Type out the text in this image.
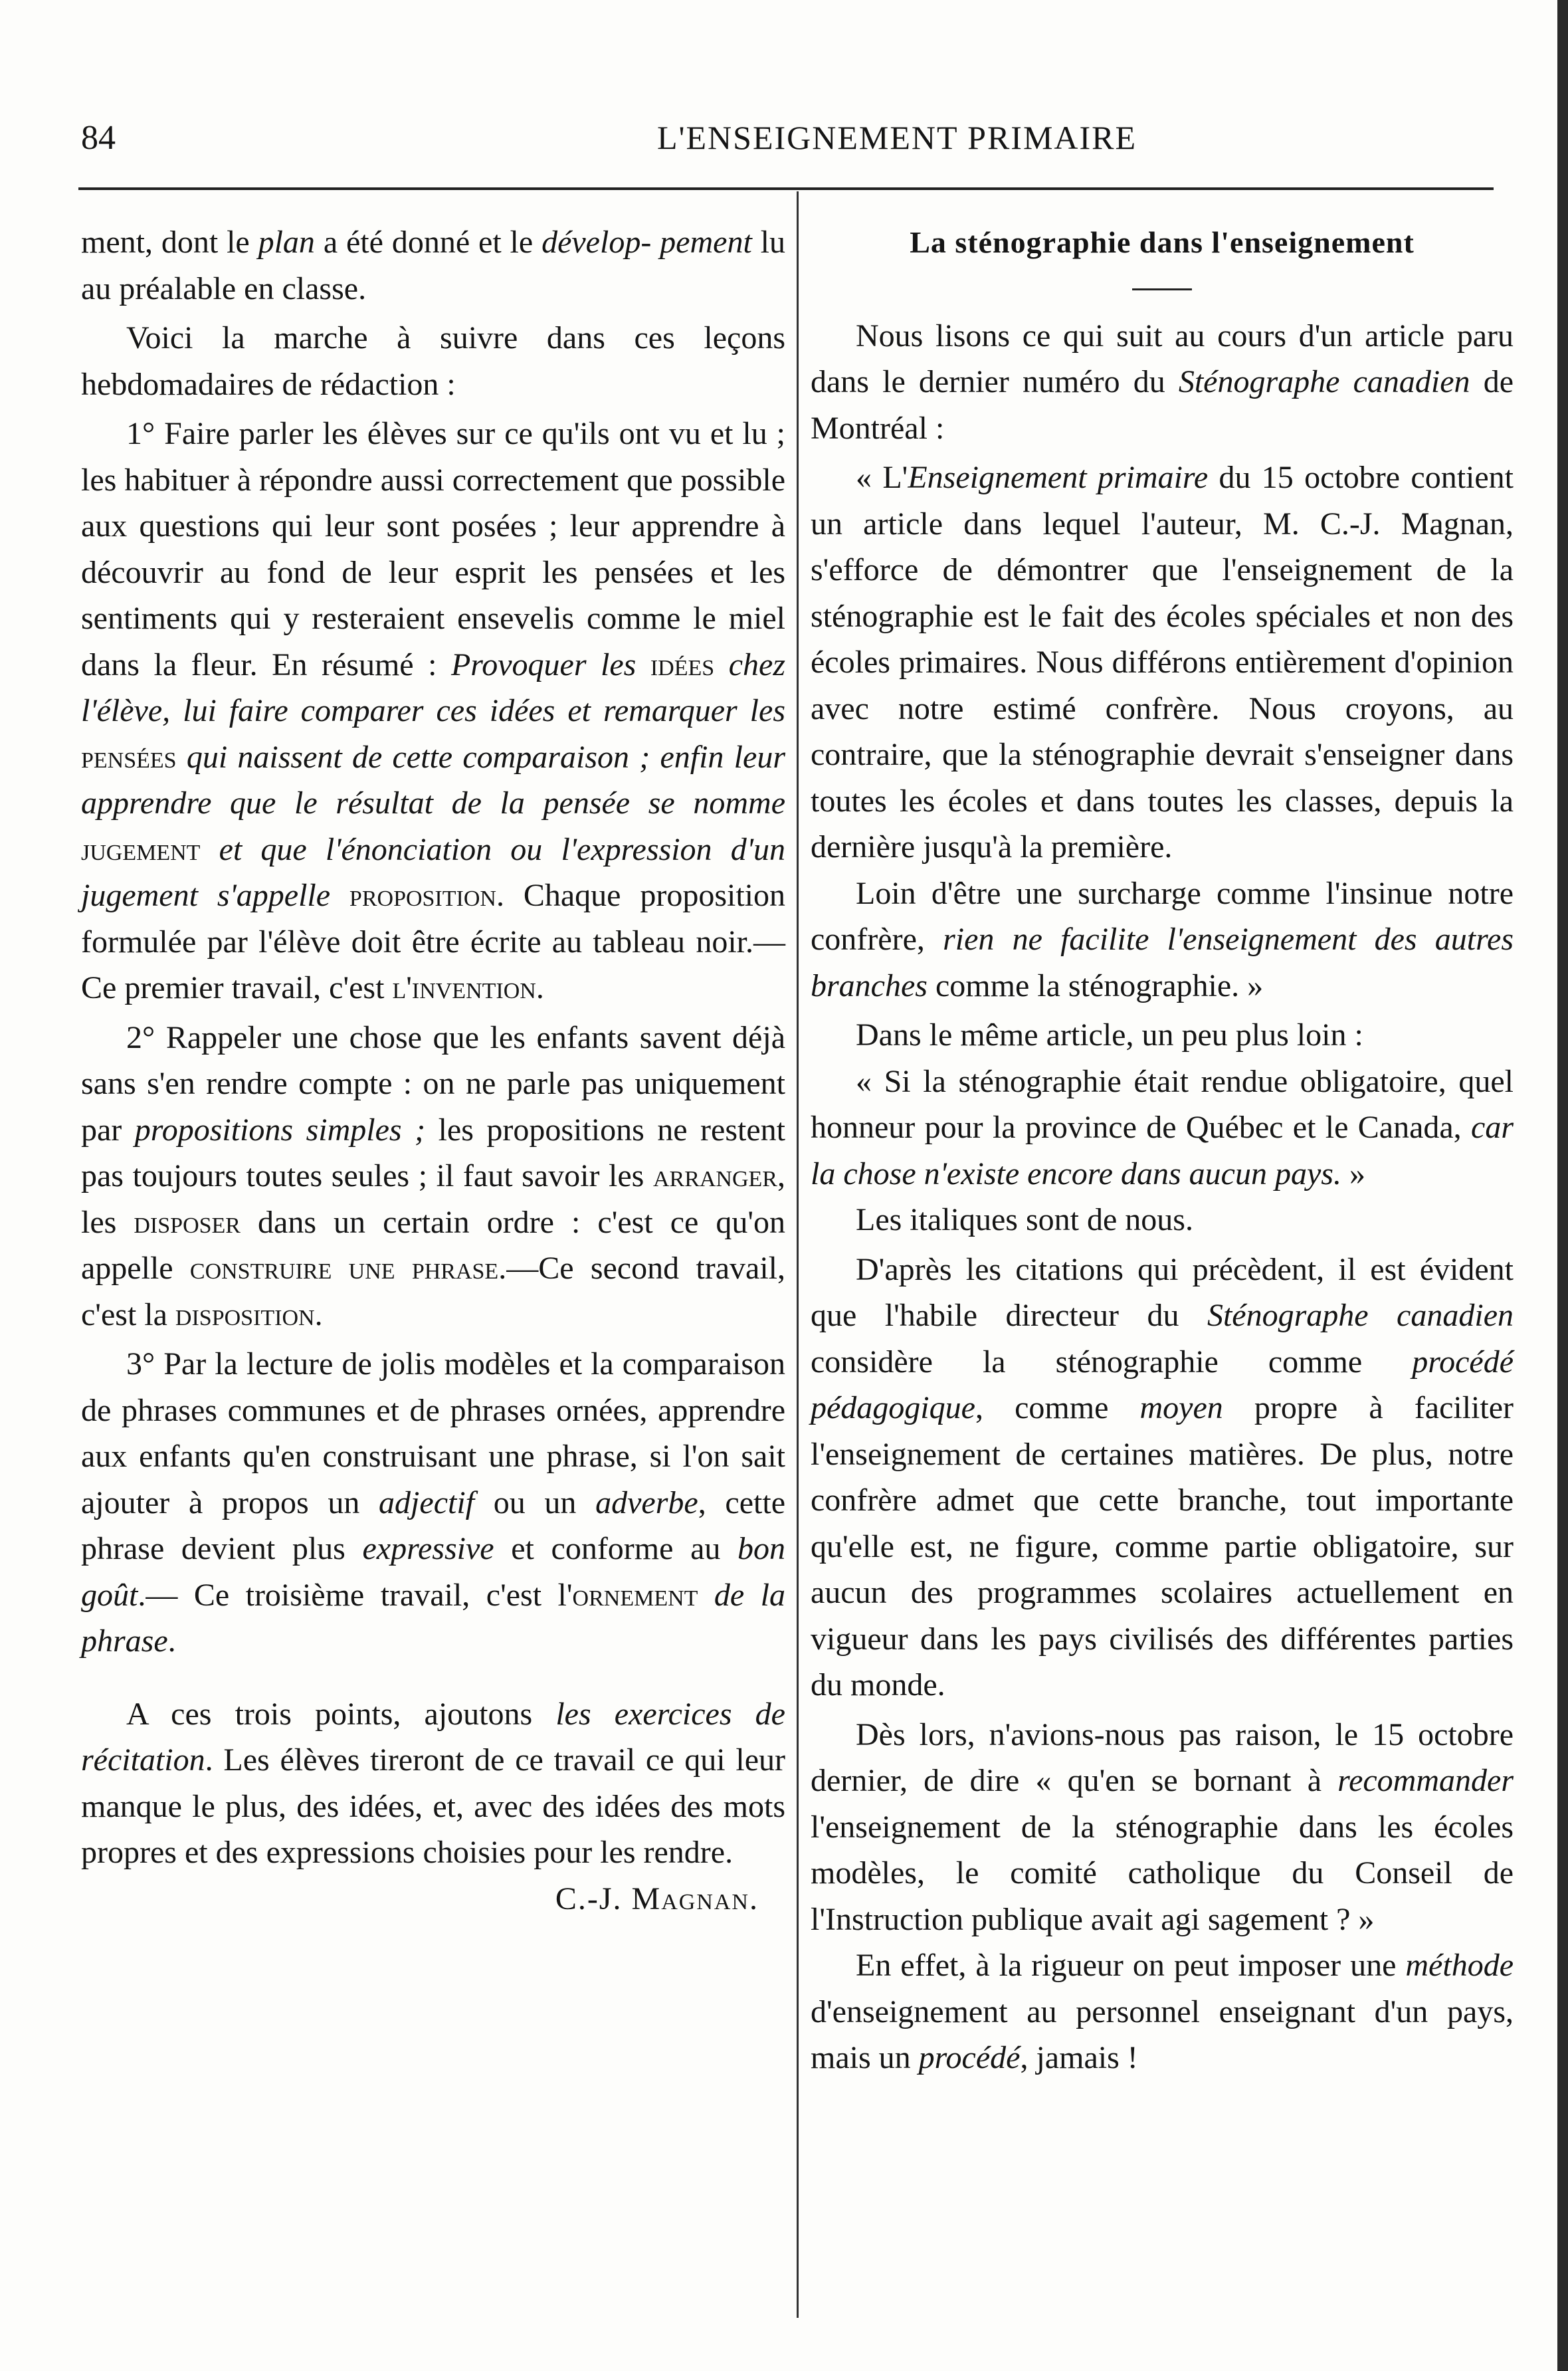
84	L'ENSEIGNEMENT PRIMAIRE

ment, dont le plan a été donné et le dévelop- pement lu au préalable en classe.

Voici la marche à suivre dans ces leçons hebdomadaires de rédaction :

1° Faire parler les élèves sur ce qu'ils ont vu et lu ; les habituer à répondre aussi correctement que possible aux questions qui leur sont posées ; leur apprendre à découvrir au fond de leur esprit les pensées et les sentiments qui y resteraient ensevelis comme le miel dans la fleur. En résumé : Provoquer les idées chez l'élève, lui faire comparer ces idées et remarquer les pensées qui naissent de cette comparaison ; enfin leur apprendre que le résultat de la pensée se nomme jugement et que l'énonciation ou l'expression d'un jugement s'appelle proposition. Chaque proposition formulée par l'élève doit être écrite au tableau noir.—Ce premier travail, c'est l'invention.

2° Rappeler une chose que les enfants savent déjà sans s'en rendre compte : on ne parle pas uniquement par propositions simples ; les propositions ne restent pas toujours toutes seules ; il faut savoir les arranger, les disposer dans un certain ordre : c'est ce qu'on appelle construire une phrase.—Ce second travail, c'est la disposition.

3° Par la lecture de jolis modèles et la comparaison de phrases communes et de phrases ornées, apprendre aux enfants qu'en construisant une phrase, si l'on sait ajouter à propos un adjectif ou un adverbe, cette phrase devient plus expressive et conforme au bon goût.— Ce troisième travail, c'est l'ornement de la phrase.

A ces trois points, ajoutons les exercices de récitation. Les élèves tireront de ce travail ce qui leur manque le plus, des idées, et, avec des idées des mots propres et des expressions choisies pour les rendre.

C.-J. Magnan.

La sténographie dans l'enseignement

Nous lisons ce qui suit au cours d'un article paru dans le dernier numéro du Sténographe canadien de Montréal :

« L'Enseignement primaire du 15 octobre contient un article dans lequel l'auteur, M. C.-J. Magnan, s'efforce de démontrer que l'enseignement de la sténographie est le fait des écoles spéciales et non des écoles primaires. Nous différons entièrement d'opinion avec notre estimé confrère. Nous croyons, au contraire, que la sténographie devrait s'enseigner dans toutes les écoles et dans toutes les classes, depuis la dernière jusqu'à la première.

Loin d'être une surcharge comme l'insinue notre confrère, rien ne facilite l'enseignement des autres branches comme la sténographie. »

Dans le même article, un peu plus loin :

« Si la sténographie était rendue obligatoire, quel honneur pour la province de Québec et le Canada, car la chose n'existe encore dans aucun pays. »

Les italiques sont de nous.

D'après les citations qui précèdent, il est évident que l'habile directeur du Sténographe canadien considère la sténographie comme procédé pédagogique, comme moyen propre à faciliter l'enseignement de certaines matières. De plus, notre confrère admet que cette branche, tout importante qu'elle est, ne figure, comme partie obligatoire, sur aucun des programmes scolaires actuellement en vigueur dans les pays civilisés des différentes parties du monde.

Dès lors, n'avions-nous pas raison, le 15 octobre dernier, de dire « qu'en se bornant à recommander l'enseignement de la sténographie dans les écoles modèles, le comité catholique du Conseil de l'Instruction publique avait agi sagement ? »

En effet, à la rigueur on peut imposer une méthode d'enseignement au personnel enseignant d'un pays, mais un procédé, jamais !
